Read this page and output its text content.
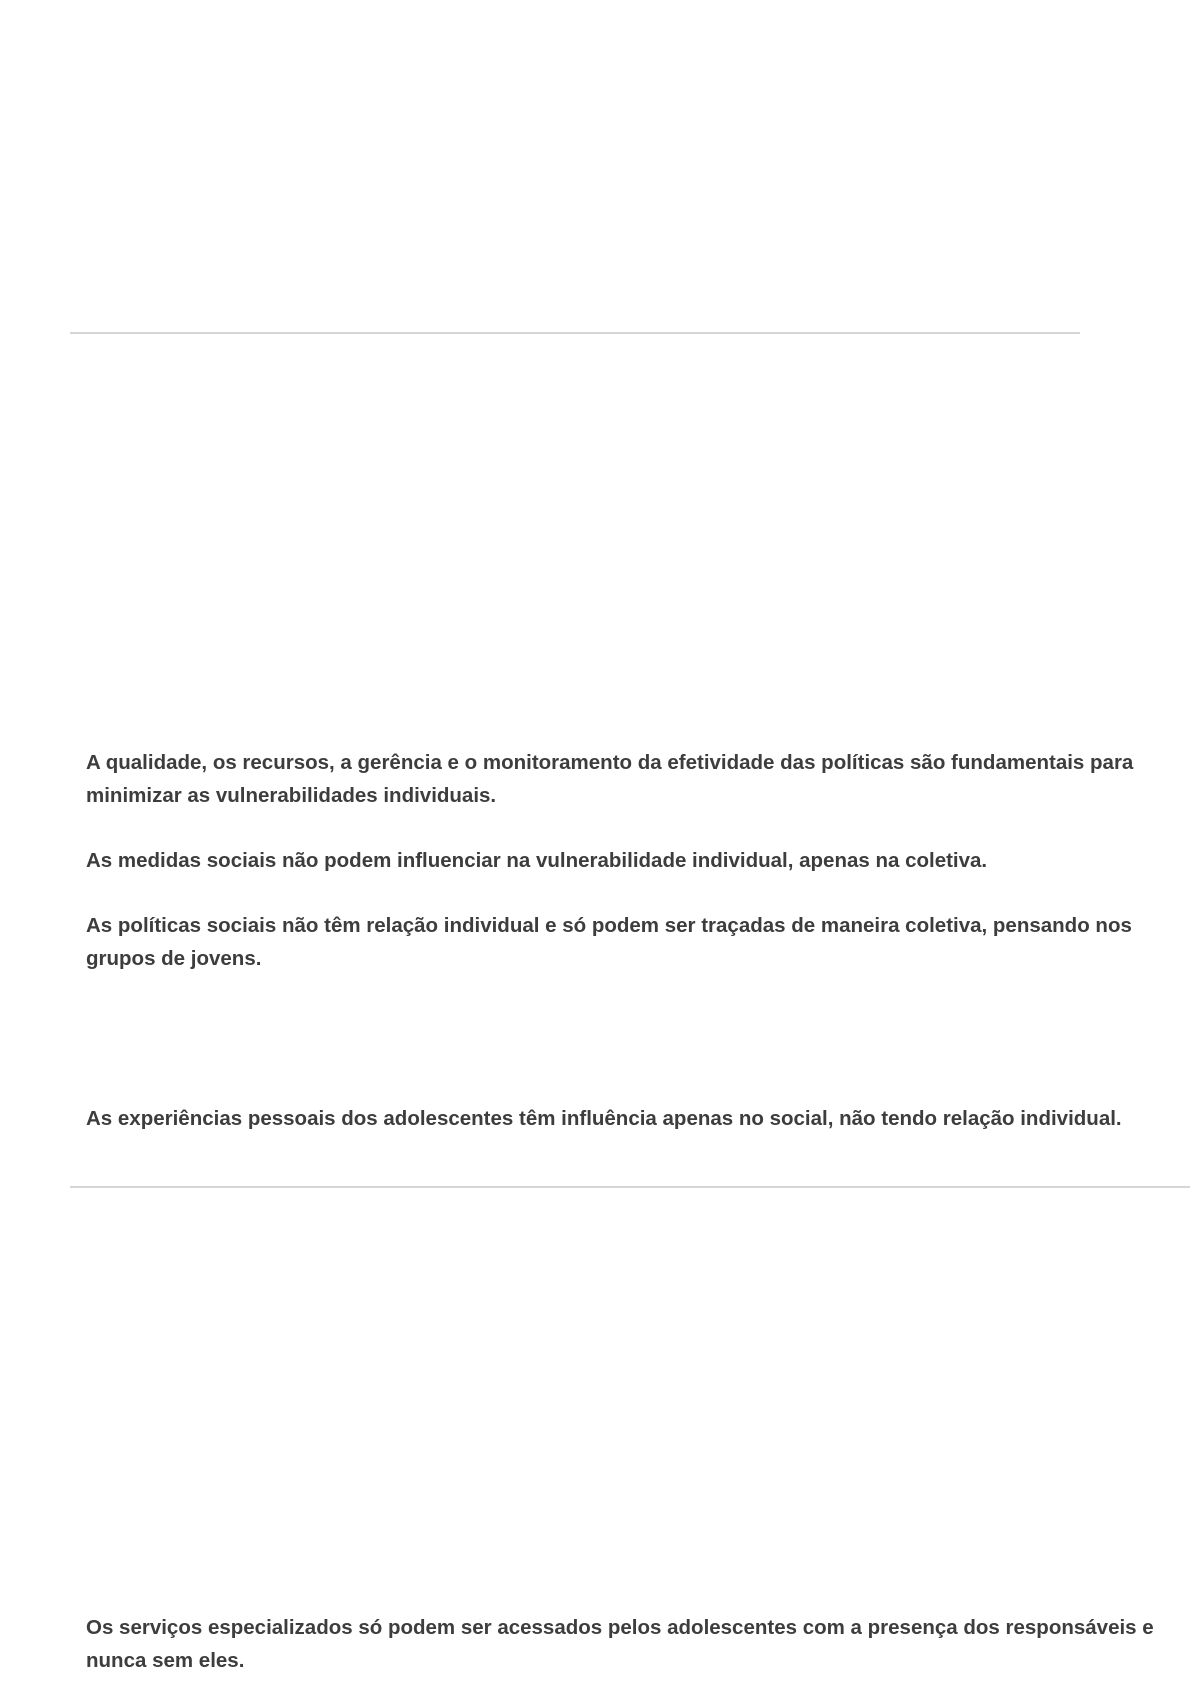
A qualidade, os recursos, a gerência e o monitoramento da efetividade das políticas são fundamentais para minimizar as vulnerabilidades individuais.

As medidas sociais não podem influenciar na vulnerabilidade individual, apenas na coletiva.

As políticas sociais não têm relação individual e só podem ser traçadas de maneira coletiva, pensando nos grupos de jovens.

As experiências pessoais dos adolescentes têm influência apenas no social, não tendo relação individual.

Os serviços especializados só podem ser acessados pelos adolescentes com a presença dos responsáveis e nunca sem eles.
